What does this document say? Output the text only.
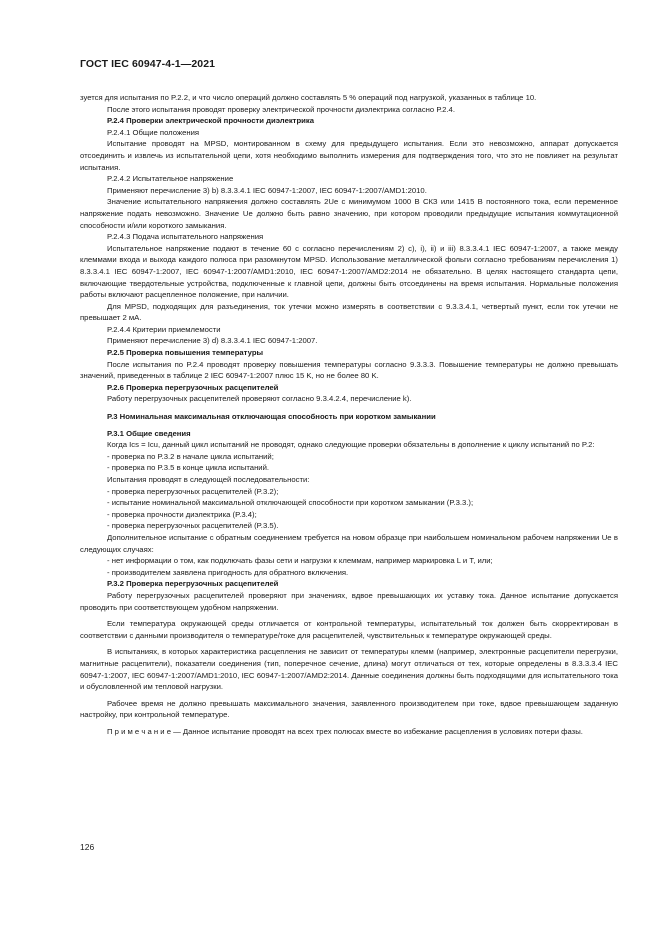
ГОСТ IEC 60947-4-1—2021

зуется для испытания по P.2.2, и что число операций должно составлять 5 % операций под нагрузкой, указанных в таблице 10.

После этого испытания проводят проверку электрической прочности диэлектрика согласно Р.2.4.

P.2.4 Проверки электрической прочности диэлектрика

P.2.4.1 Общие положения

Испытание проводят на MPSD, монтированном в схему для предыдущего испытания. Если это невозможно, аппарат допускается отсоединить и извлечь из испытательной цепи, хотя необходимо выполнить измерения для подтверждения того, что это не повлияет на результат испытания.

P.2.4.2 Испытательное напряжение

Применяют перечисление 3) b) 8.3.3.4.1 IEC 60947-1:2007, IEC 60947-1:2007/AMD1:2010.

Значение испытательного напряжения должно составлять 2Ue с минимумом 1000 В СКЗ или 1415 В постоянного тока, если переменное напряжение подать невозможно. Значение Ue должно быть равно значению, при котором проводили предыдущие испытания коммутационной способности и/или короткого замыкания.

P.2.4.3 Подача испытательного напряжения

Испытательное напряжение подают в течение 60 с согласно перечислениям 2) c), i), ii) и iii) 8.3.3.4.1 IEC 60947-1:2007, а также между клеммами входа и выхода каждого полюса при разомкнутом MPSD. Использование металлической фольги согласно требованиям перечисления 1) 8.3.3.4.1 IEC 60947-1:2007, IEC 60947-1:2007/AMD1:2010, IEC 60947-1:2007/AMD2:2014 не обязательно. В целях настоящего стандарта цепи, включающие твердотельные устройства, подключенные к главной цепи, должны быть отсоединены на время испытания. Нормальные положения работы включают расцепленное положение, при наличии.

Для MPSD, подходящих для разъединения, ток утечки можно измерять в соответствии с 9.3.3.4.1, четвертый пункт, если ток утечки не превышает 2 мА.

P.2.4.4 Критерии приемлемости

Применяют перечисление 3) d) 8.3.3.4.1 IEC 60947-1:2007.

P.2.5 Проверка повышения температуры

После испытания по P.2.4 проводят проверку повышения температуры согласно 9.3.3.3. Повышение температуры не должно превышать значений, приведенных в таблице 2 IEC 60947-1:2007 плюс 15 K, но не более 80 K.

P.2.6 Проверка перегрузочных расцепителей

Работу перегрузочных расцепителей проверяют согласно 9.3.4.2.4, перечисление k).

P.3 Номинальная максимальная отключающая способность при коротком замыкании

P.3.1 Общие сведения

Когда Ics = Icu, данный цикл испытаний не проводят, однако следующие проверки обязательны в дополнение к циклу испытаний по P.2:

- проверка по P.3.2 в начале цикла испытаний;

- проверка по P.3.5 в конце цикла испытаний.

Испытания проводят в следующей последовательности:

- проверка перегрузочных расцепителей (P.3.2);

- испытание номинальной максимальной отключающей способности при коротком замыкании (P.3.3.);

- проверка прочности диэлектрика (P.3.4);

- проверка перегрузочных расцепителей (P.3.5).

Дополнительное испытание с обратным соединением требуется на новом образце при наибольшем номинальном рабочем напряжении Ue в следующих случаях:

- нет информации о том, как подключать фазы сети и нагрузки к клеммам, например маркировка L и T, или;

- производителем заявлена пригодность для обратного включения.

P.3.2 Проверка перегрузочных расцепителей

Работу перегрузочных расцепителей проверяют при значениях, вдвое превышающих их уставку тока. Данное испытание допускается проводить при соответствующем удобном напряжении.

Если температура окружающей среды отличается от контрольной температуры, испытательный ток должен быть скорректирован в соответствии с данными производителя о температуре/токе для расцепителей, чувствительных к температуре окружающей среды.

В испытаниях, в которых характеристика расцепления не зависит от температуры клемм (например, электронные расцепители перегрузки, магнитные расцепители), показатели соединения (тип, поперечное сечение, длина) могут отличаться от тех, которые определены в 8.3.3.3.4 IEC 60947-1:2007, IEC 60947-1:2007/AMD1:2010, IEC 60947-1:2007/AMD2:2014. Данные соединения должны быть подходящими для испытательного тока и обусловленной им тепловой нагрузки.

Рабочее время не должно превышать максимального значения, заявленного производителем при токе, вдвое превышающем заданную настройку, при контрольной температуре.

П р и м е ч а н и е — Данное испытание проводят на всех трех полюсах вместе во избежание расцепления в условиях потери фазы.

126
